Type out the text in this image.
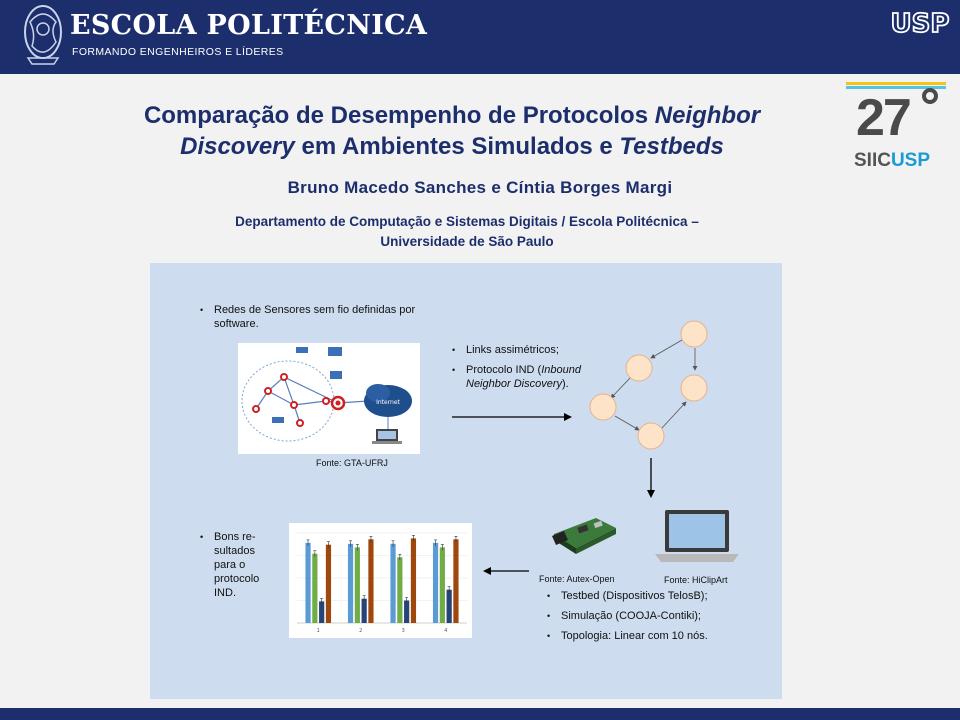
ESCOLA POLITÉCNICA
FORMANDO ENGENHEIROS E LÍDERES
USP
Comparação de Desempenho de Protocolos Neighbor Discovery em Ambientes Simulados e Testbeds
Bruno Macedo Sanches e Cíntia Borges Margi
Departamento de Computação e Sistemas Digitais / Escola Politécnica – Universidade de São Paulo
27
SIICUSP
• Redes de Sensores sem fio definidas por software.
Internet
Fonte: GTA-UFRJ
• Links assimétricos;
• Protocolo IND (Inbound Neighbor Discovery).
Fonte: Autex-Open	Fonte: HiClipArt
• Testbed (Dispositivos TelosB);
• Simulação (COOJA-Contiki);
• Topologia: Linear com 10 nós.
• Bons re- sultados para o protocolo IND.
1	2	3	4
